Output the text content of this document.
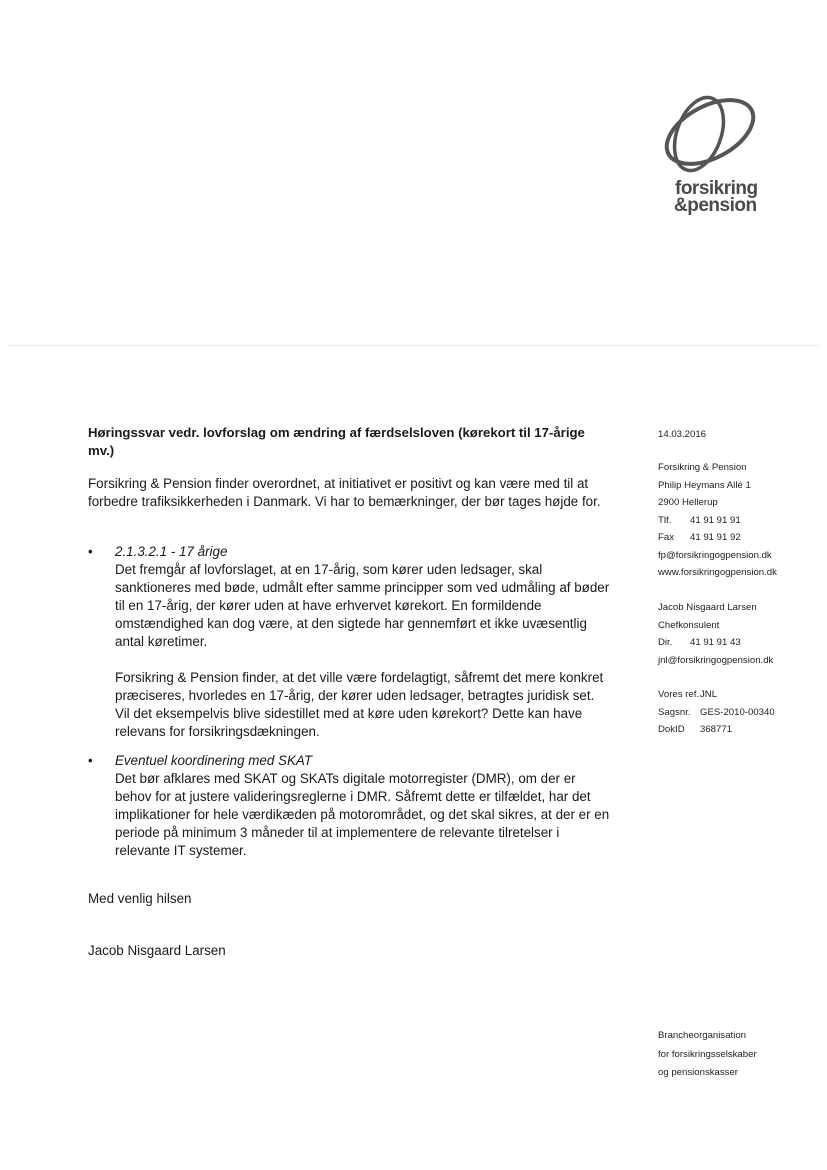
forsikring
&pension
Høringssvar vedr. lovforslag om ændring af færdselsloven (kørekort til 17-årige mv.)
Forsikring & Pension finder overordnet, at initiativet er positivt og kan være med til at forbedre trafiksikkerheden i Danmark. Vi har to bemærkninger, der bør tages højde for.
• 2.1.3.2.1 - 17 årige

Det fremgår af lovforslaget, at en 17-årig, som kører uden ledsager, skal sanktioneres med bøde, udmålt efter samme principper som ved udmåling af bøder til en 17-årig, der kører uden at have erhvervet kørekort. En formildende omstændighed kan dog være, at den sigtede har gennemført et ikke uvæsentlig antal køretimer.

Forsikring & Pension finder, at det ville være fordelagtigt, såfremt det mere konkret præciseres, hvorledes en 17-årig, der kører uden ledsager, betragtes juridisk set. Vil det eksempelvis blive sidestillet med at køre uden kørekort? Dette kan have relevans for forsikringsdækningen.

• Eventuel koordinering med SKAT

Det bør afklares med SKAT og SKATs digitale motorregister (DMR), om der er behov for at justere valideringsreglerne i DMR. Såfremt dette er tilfældet, har det implikationer for hele værdikæden på motorområdet, og det skal sikres, at der er en periode på minimum 3 måneder til at implementere de relevante tilretelser i relevante IT systemer.

Med venlig hilsen
Jacob Nisgaard Larsen
14.03.2016
Forsikring & Pension
Philip Heymans Allé 1
2900 Hellerup
Tlf. 41 91 91 91
Fax 41 91 91 92
fp@forsikringogpension.dk
www.forsikringogpension.dk
Jacob Nisgaard Larsen
Chefkonsulent
Dir. 41 91 91 43
jnl@forsikringogpension.dk
Vores ref.JNL
Sagsnr. GES-2010-00340
DokID 368771
Brancheorganisation
for forsikringsselskaber
og pensionskasser
